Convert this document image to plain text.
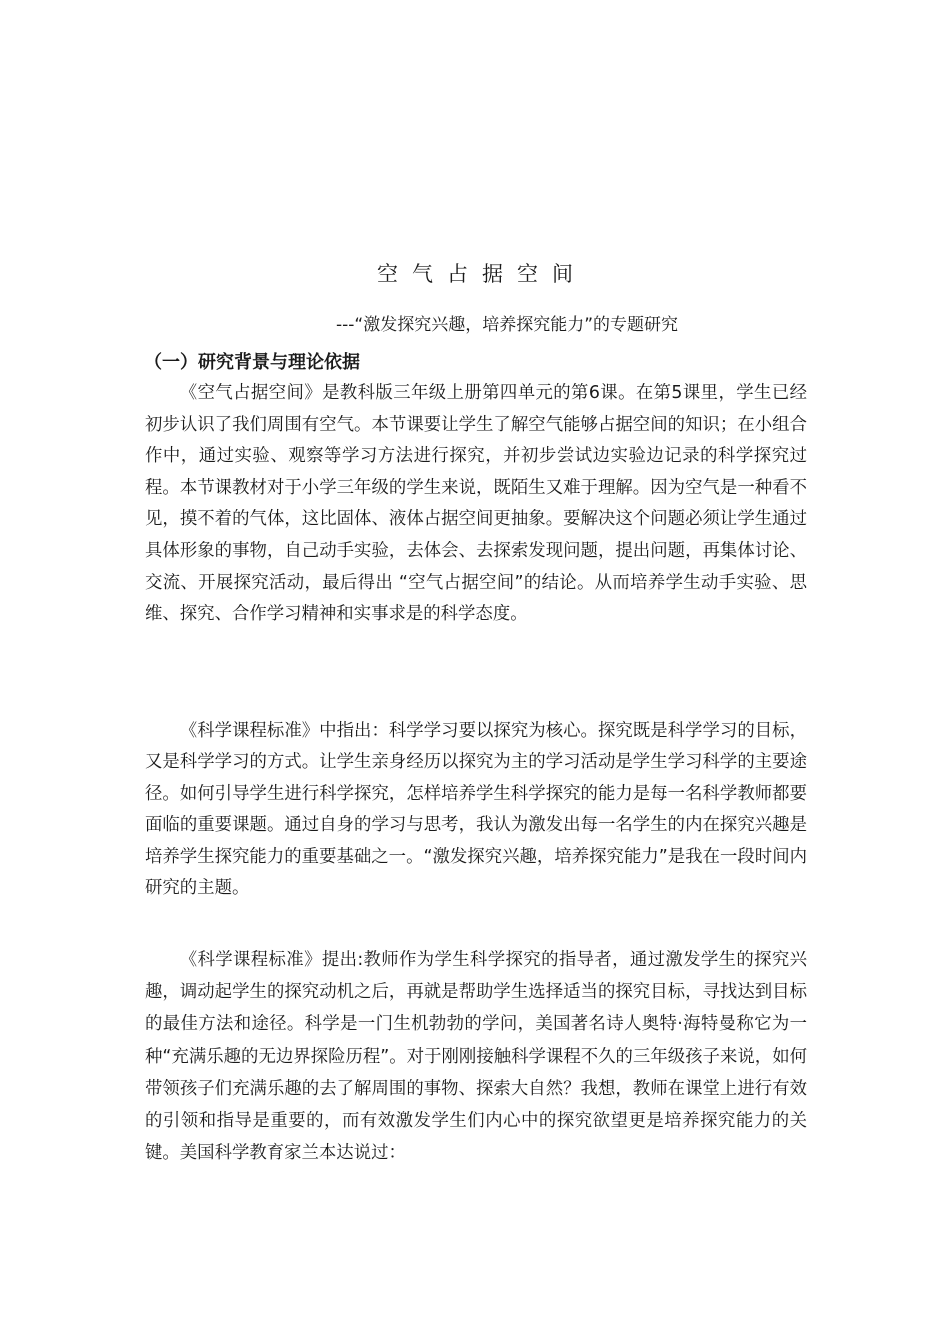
空气占据空间

---“激发探究兴趣，培养探究能力”的专题研究

（一）研究背景与理论依据

《空气占据空间》是教科版三年级上册第四单元的第6课。在第5课里，学生已经初步认识了我们周围有空气。本节课要让学生了解空气能够占据空间的知识；在小组合作中，通过实验、观察等学习方法进行探究，并初步尝试边实验边记录的科学探究过程。本节课教材对于小学三年级的学生来说，既陌生又难于理解。因为空气是一种看不见，摸不着的气体，这比固体、液体占据空间更抽象。要解决这个问题必须让学生通过具体形象的事物，自己动手实验，去体会、去探索发现问题，提出问题，再集体讨论、交流、开展探究活动，最后得出 “空气占据空间”的结论。从而培养学生动手实验、思维、探究、合作学习精神和实事求是的科学态度。

《科学课程标准》中指出：科学学习要以探究为核心。探究既是科学学习的目标，又是科学学习的方式。让学生亲身经历以探究为主的学习活动是学生学习科学的主要途径。如何引导学生进行科学探究，怎样培养学生科学探究的能力是每一名科学教师都要面临的重要课题。通过自身的学习与思考，我认为激发出每一名学生的内在探究兴趣是培养学生探究能力的重要基础之一。“激发探究兴趣，培养探究能力”是我在一段时间内研究的主题。

《科学课程标准》提出:教师作为学生科学探究的指导者，通过激发学生的探究兴趣，调动起学生的探究动机之后，再就是帮助学生选择适当的探究目标，寻找达到目标的最佳方法和途径。科学是一门生机勃勃的学问，美国著名诗人奥特·海特曼称它为一种“充满乐趣的无边界探险历程”。对于刚刚接触科学课程不久的三年级孩子来说，如何带领孩子们充满乐趣的去了解周围的事物、探索大自然？我想，教师在课堂上进行有效的引领和指导是重要的，而有效激发学生们内心中的探究欲望更是培养探究能力的关键。美国科学教育家兰本达说过：
